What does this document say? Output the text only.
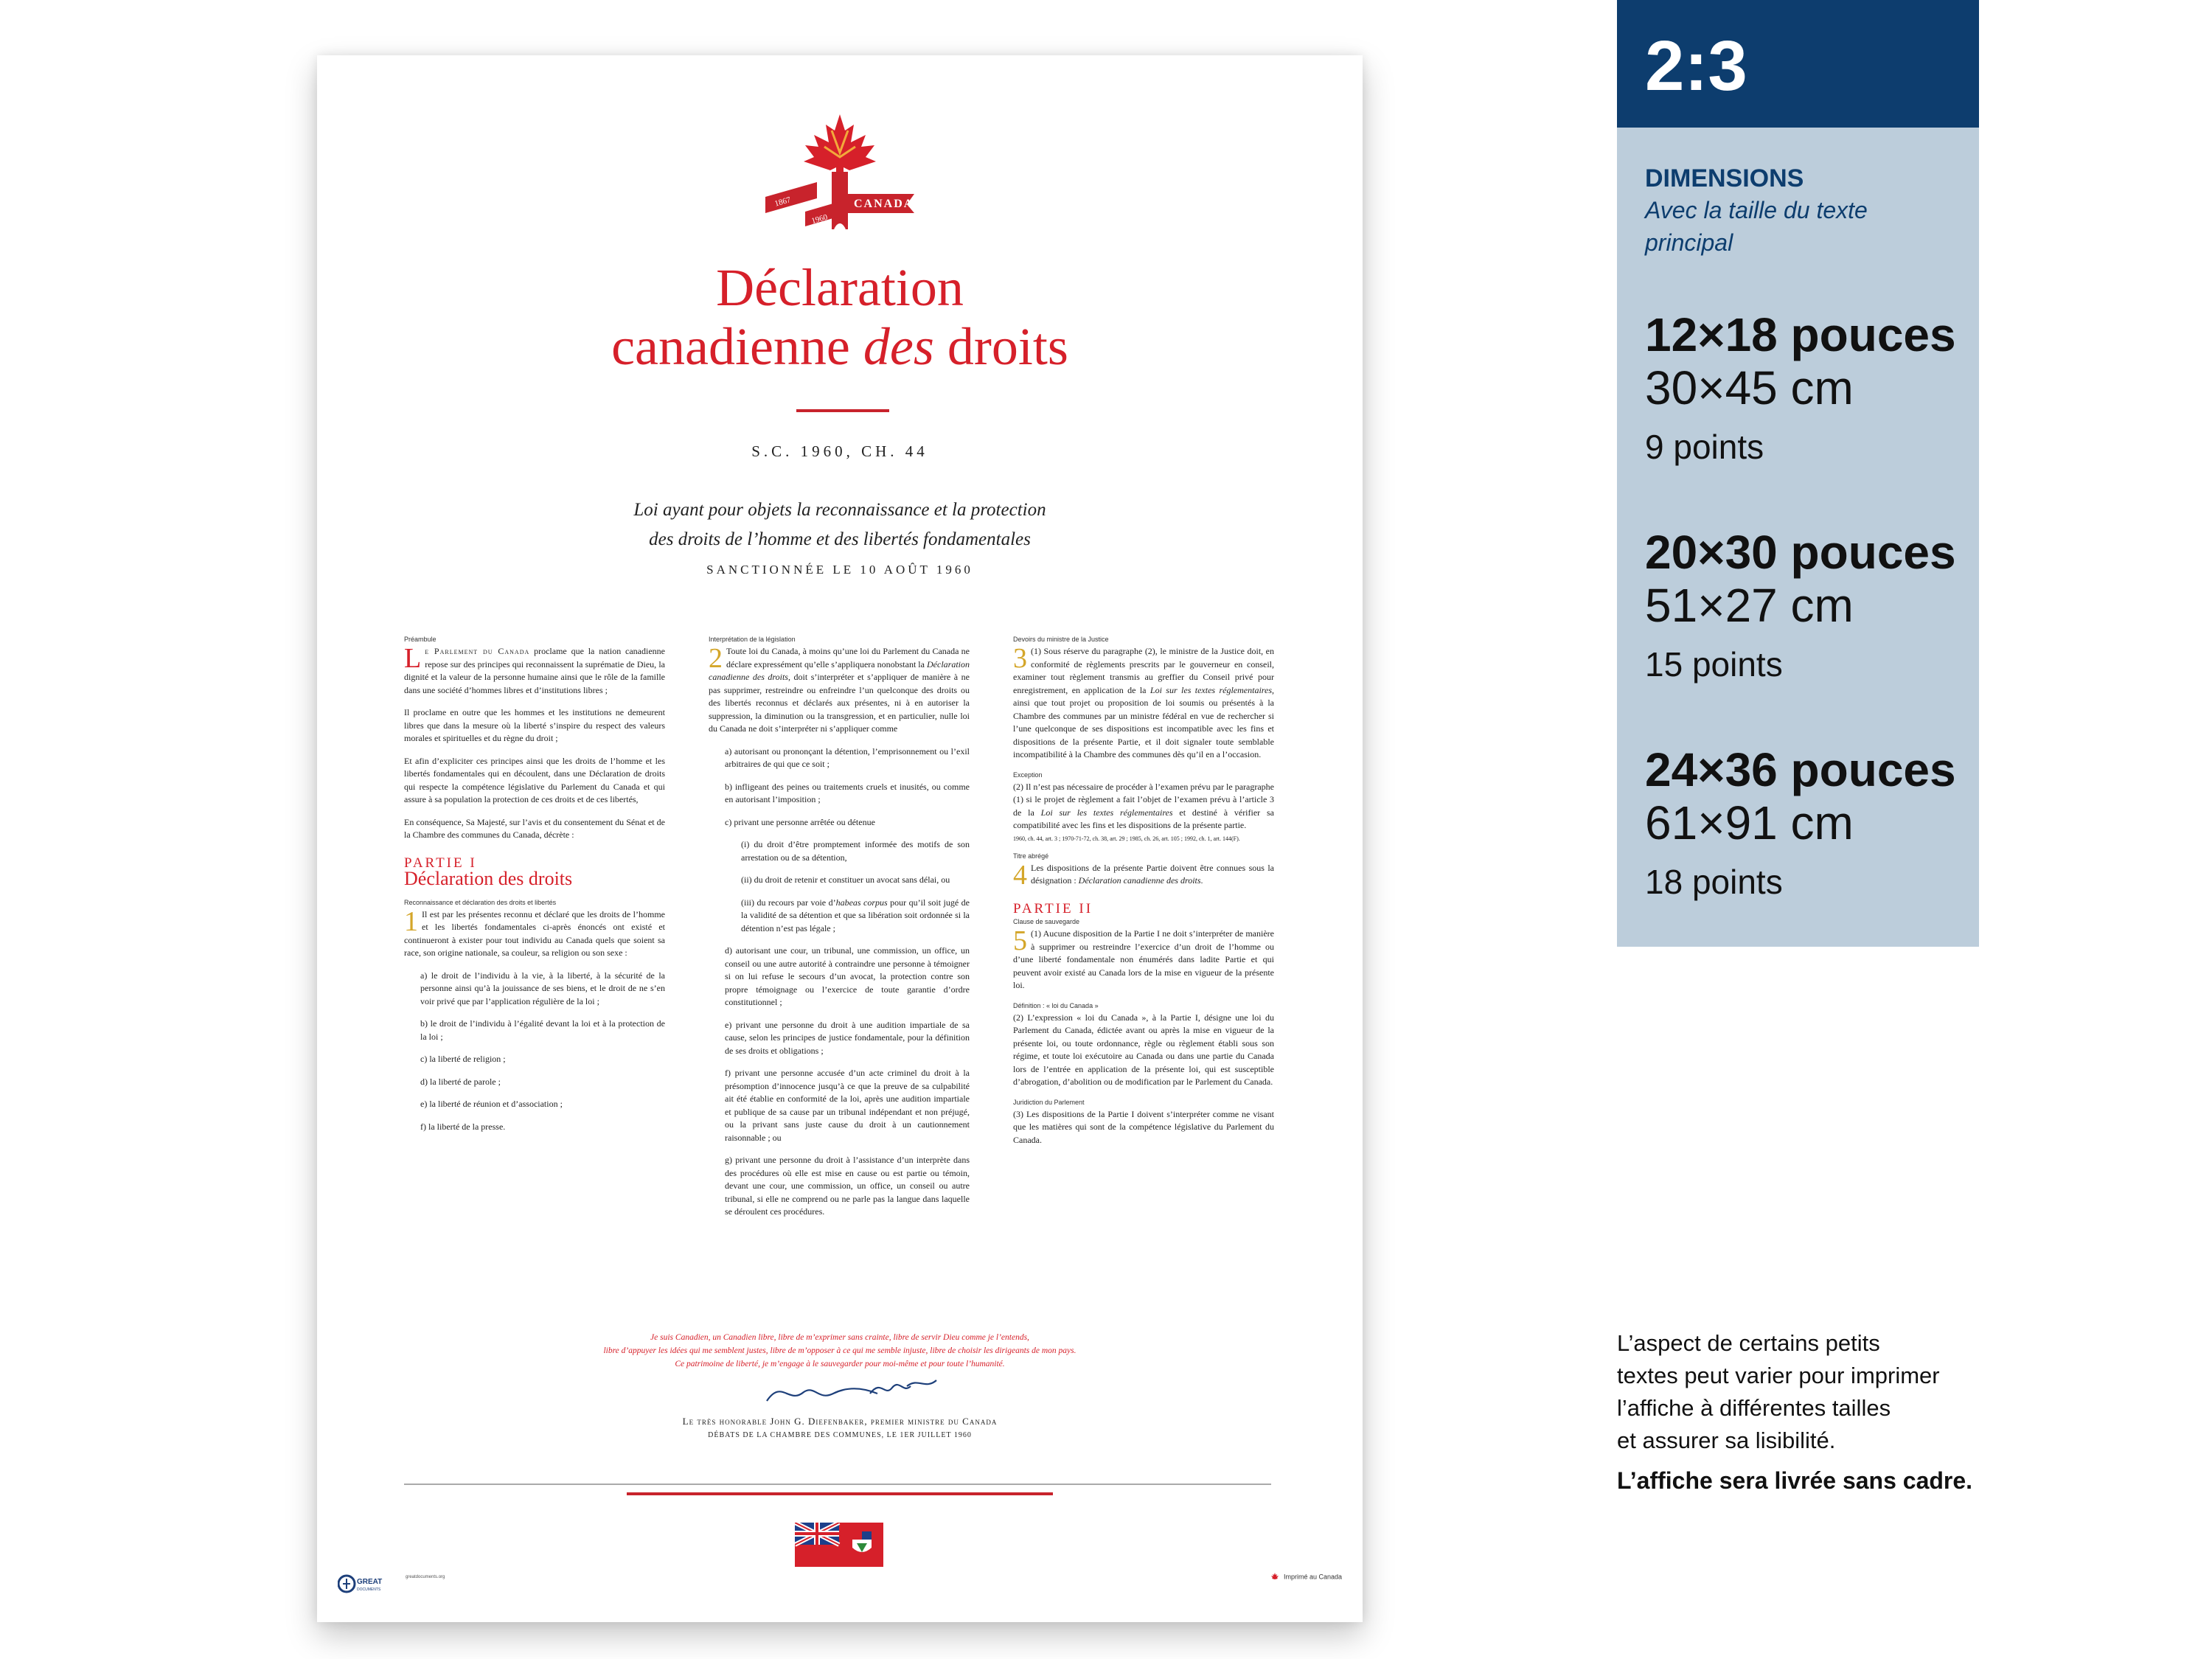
1867	CANADA
1960
Déclaration
canadienne des droits
S.C. 1960, CH. 44
Loi ayant pour objets la reconnaissance et la protection
des droits de l’homme et des libertés fondamentales
SANCTIONNÉE LE 10 AOÛT 1960
Préambule

Le Parlement du Canada proclame que la nation canadienne repose sur des principes qui reconnaissent la suprématie de Dieu, la dignité et la valeur de la personne humaine ainsi que le rôle de la famille dans une société d’hommes libres et d’institutions libres ;

Il proclame en outre que les hommes et les institutions ne demeurent libres que dans la mesure où la liberté s’inspire du respect des valeurs morales et spirituelles et du règne du droit ;

Et afin d’expliciter ces principes ainsi que les droits de l’homme et les libertés fondamentales qui en découlent, dans une Déclaration de droits qui respecte la compétence législative du Parlement du Canada et qui assure à sa population la protection de ces droits et de ces libertés,

En conséquence, Sa Majesté, sur l’avis et du consentement du Sénat et de la Chambre des communes du Canada, décrète :

PARTIE I
Déclaration des droits
Reconnaissance et déclaration des droits et libertés

1 Il est par les présentes reconnu et déclaré que les droits de l’homme et les libertés fondamentales ci-après énoncés ont existé et continueront à exister pour tout individu au Canada quels que soient sa race, son origine nationale, sa couleur, sa religion ou son sexe :

a) le droit de l’individu à la vie, à la liberté, à la sécurité de la personne ainsi qu’à la jouissance de ses biens, et le droit de ne s’en voir privé que par l’application régulière de la loi ;

b) le droit de l’individu à l’égalité devant la loi et à la protection de la loi ;

c) la liberté de religion ;

d) la liberté de parole ;

e) la liberté de réunion et d’association ;

f) la liberté de la presse.

Interprétation de la législation

2 Toute loi du Canada, à moins qu’une loi du Parlement du Canada ne déclare expressément qu’elle s’appliquera nonobstant la Déclaration canadienne des droits, doit s’interpréter et s’appliquer de manière à ne pas supprimer, restreindre ou enfreindre l’un quelconque des droits ou des libertés reconnus et déclarés aux présentes, ni à en autoriser la suppression, la diminution ou la transgression, et en particulier, nulle loi du Canada ne doit s’interpréter ni s’appliquer comme

a) autorisant ou prononçant la détention, l’emprisonnement ou l’exil arbitraires de qui que ce soit ;

b) infligeant des peines ou traitements cruels et inusités, ou comme en autorisant l’imposition ;

c) privant une personne arrêtée ou détenue

(i) du droit d’être promptement informée des motifs de son arrestation ou de sa détention,

(ii) du droit de retenir et constituer un avocat sans délai, ou

(iii) du recours par voie d’habeas corpus pour qu’il soit jugé de la validité de sa détention et que sa libération soit ordonnée si la détention n’est pas légale ;

d) autorisant une cour, un tribunal, une commission, un office, un conseil ou une autre autorité à contraindre une personne à témoigner si on lui refuse le secours d’un avocat, la protection contre son propre témoignage ou l’exercice de toute garantie d’ordre constitutionnel ;

e) privant une personne du droit à une audition impartiale de sa cause, selon les principes de justice fondamentale, pour la définition de ses droits et obligations ;

f) privant une personne accusée d’un acte criminel du droit à la présomption d’innocence jusqu’à ce que la preuve de sa culpabilité ait été établie en conformité de la loi, après une audition impartiale et publique de sa cause par un tribunal indépendant et non préjugé, ou la privant sans juste cause du droit à un cautionnement raisonnable ; ou

g) privant une personne du droit à l’assistance d’un interprète dans des procédures où elle est mise en cause ou est partie ou témoin, devant une cour, une commission, un office, un conseil ou autre tribunal, si elle ne comprend ou ne parle pas la langue dans laquelle se déroulent ces procédures.

Devoirs du ministre de la Justice

3 (1) Sous réserve du paragraphe (2), le ministre de la Justice doit, en conformité de règlements prescrits par le gouverneur en conseil, examiner tout règlement transmis au greffier du Conseil privé pour enregistrement, en application de la Loi sur les textes réglementaires, ainsi que tout projet ou proposition de loi soumis ou présentés à la Chambre des communes par un ministre fédéral en vue de rechercher si l’une quelconque de ses dispositions est incompatible avec les fins et dispositions de la présente Partie, et il doit signaler toute semblable incompatibilité à la Chambre des communes dès qu’il en a l’occasion.

Exception

(2) Il n’est pas nécessaire de procéder à l’examen prévu par le paragraphe (1) si le projet de règlement a fait l’objet de l’examen prévu à l’article 3 de la Loi sur les textes réglementaires et destiné à vérifier sa compatibilité avec les fins et les dispositions de la présente partie.

1960, ch. 44, art. 3 ; 1970-71-72, ch. 38, art. 29 ; 1985, ch. 26, art. 105 ; 1992, ch. 1, art. 144(F).

Titre abrégé

4 Les dispositions de la présente Partie doivent être connues sous la désignation : Déclaration canadienne des droits.

PARTIE II
Clause de sauvegarde

5 (1) Aucune disposition de la Partie I ne doit s’interpréter de manière à supprimer ou restreindre l’exercice d’un droit de l’homme ou d’une liberté fondamentale non énumérés dans ladite Partie et qui peuvent avoir existé au Canada lors de la mise en vigueur de la présente loi.

Définition : « loi du Canada »

(2) L’expression « loi du Canada », à la Partie I, désigne une loi du Parlement du Canada, édictée avant ou après la mise en vigueur de la présente loi, ou toute ordonnance, règle ou règlement établi sous son régime, et toute loi exécutoire au Canada ou dans une partie du Canada lors de l’entrée en application de la présente loi, qui est susceptible d’abrogation, d’abolition ou de modification par le Parlement du Canada.

Juridiction du Parlement

(3) Les dispositions de la Partie I doivent s’interpréter comme ne visant que les matières qui sont de la compétence législative du Parlement du Canada.

Je suis Canadien, un Canadien libre, libre de m’exprimer sans crainte, libre de servir Dieu comme je l’entends,
libre d’appuyer les idées qui me semblent justes, libre de m’opposer à ce qui me semble injuste, libre de choisir les dirigeants de mon pays.
Ce patrimoine de liberté, je m’engage à le sauvegarder pour moi-même et pour toute l’humanité.
Le très honorable John G. Diefenbaker, premier ministre du Canada
DÉBATS DE LA CHAMBRE DES COMMUNES, LE 1ER JUILLET 1960
GREAT
DOCUMENTS
greatdocuments.org	Imprimé au Canada
2:3
DIMENSIONS
Avec la taille du texte
principal
12×18 pouces
30×45 cm
9 points
20×30 pouces
51×27 cm
15 points
24×36 pouces
61×91 cm
18 points
L’aspect de certains petits
textes peut varier pour imprimer
l’affiche à différentes tailles
et assurer sa lisibilité.
L’affiche sera livrée sans cadre.
